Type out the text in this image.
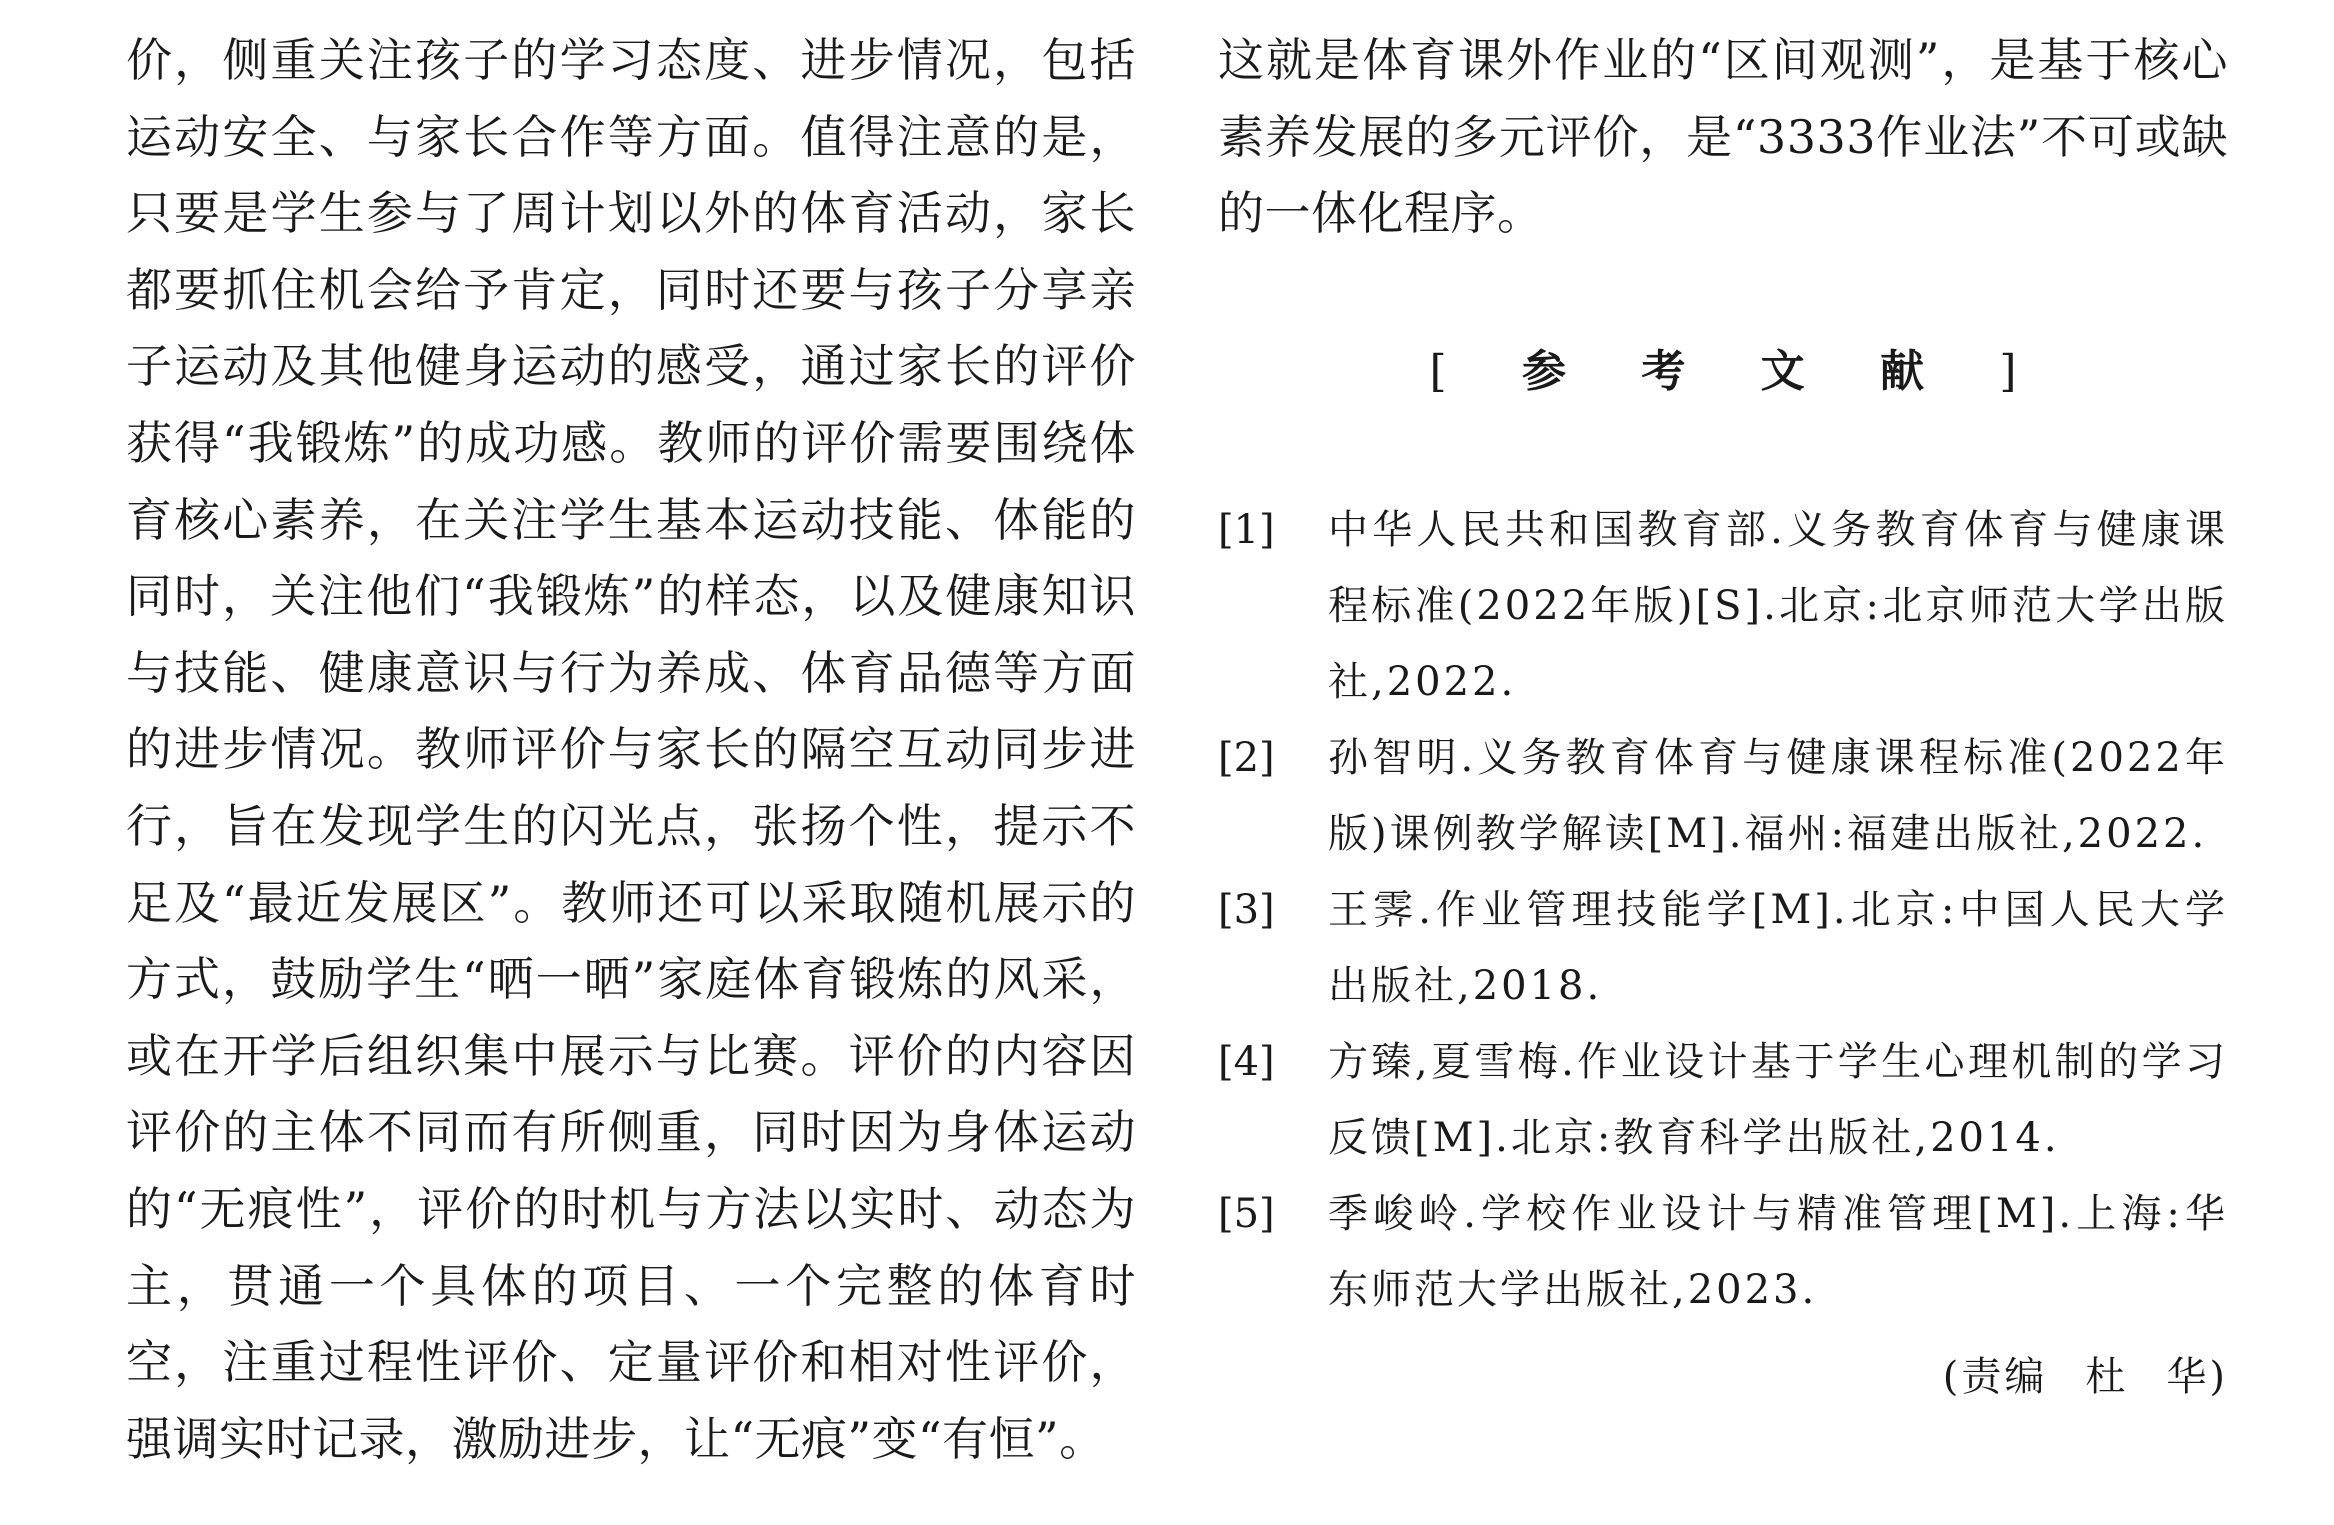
价，侧重关注孩子的学习态度、进步情况，包括运动安全、与家长合作等方面。值得注意的是，只要是学生参与了周计划以外的体育活动，家长都要抓住机会给予肯定，同时还要与孩子分享亲子运动及其他健身运动的感受，通过家长的评价获得“我锻炼”的成功感。教师的评价需要围绕体育核心素养，在关注学生基本运动技能、体能的同时，关注他们“我锻炼”的样态，以及健康知识与技能、健康意识与行为养成、体育品德等方面的进步情况。教师评价与家长的隔空互动同步进行，旨在发现学生的闪光点，张扬个性，提示不足及“最近发展区”。教师还可以采取随机展示的方式，鼓励学生“晒一晒”家庭体育锻炼的风采，或在开学后组织集中展示与比赛。评价的内容因评价的主体不同而有所侧重，同时因为身体运动的“无痕性”，评价的时机与方法以实时、动态为主，贯通一个具体的项目、一个完整的体育时空，注重过程性评价、定量评价和相对性评价，强调实时记录，激励进步，让“无痕”变“有恒”。

这就是体育课外作业的“区间观测”，是基于核心素养发展的多元评价，是“3333作业法”不可或缺的一体化程序。

[ 参 考 文 献 ]
[1] 中华人民共和国教育部.义务教育体育与健康课程标准(2022年版)[S].北京:北京师范大学出版社,2022.
[2] 孙智明.义务教育体育与健康课程标准(2022年版)课例教学解读[M].福州:福建出版社,2022.
[3] 王霁.作业管理技能学[M].北京:中国人民大学出版社,2018.
[4] 方臻,夏雪梅.作业设计基于学生心理机制的学习反馈[M].北京:教育科学出版社,2014.
[5] 季峻岭.学校作业设计与精准管理[M].上海:华东师范大学出版社,2023.
(责编 杜 华)
